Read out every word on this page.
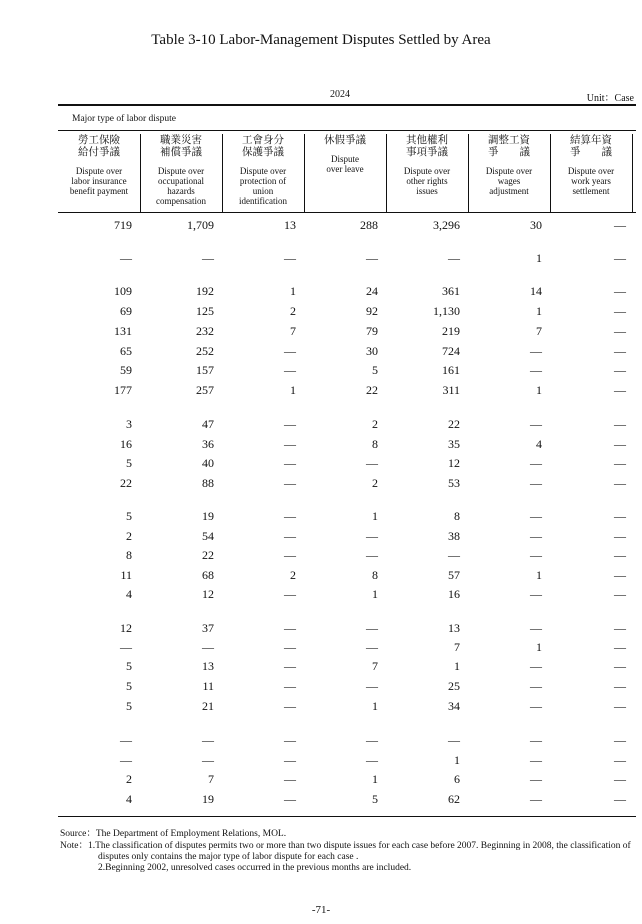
Table 3-10 Labor-Management Disputes Settled by Area
2024	Unit：Case
Major type of labor dispute
勞工保險
給付爭議
Dispute over
labor insurance
benefit payment
職業災害
補償爭議
Dispute over
occupational
hazards
compensation
工會身分
保護爭議
Dispute over
protection of
union
identification
休假爭議
Dispute
over leave
其他權利
事項爭議
Dispute over
other rights
issues
調整工資
爭　　議
Dispute over
wages
adjustment
結算年資
爭　　議
Dispute over
work years
settlement
719	1,709	13	288	3,296	30	—
—	—	—	—	—	1	—
109	192	1	24	361	14	—
69	125	2	92	1,130	1	—
131	232	7	79	219	7	—
65	252	—	30	724	—	—
59	157	—	5	161	—	—
177	257	1	22	311	1	—
3	47	—	2	22	—	—
16	36	—	8	35	4	—
5	40	—	—	12	—	—
22	88	—	2	53	—	—
5	19	—	1	8	—	—
2	54	—	—	38	—	—
8	22	—	—	—	—	—
11	68	2	8	57	1	—
4	12	—	1	16	—	—
12	37	—	—	13	—	—
—	—	—	—	7	1	—
5	13	—	7	1	—	—
5	11	—	—	25	—	—
5	21	—	1	34	—	—
—	—	—	—	—	—	—
—	—	—	—	1	—	—
2	7	—	1	6	—	—
4	19	—	5	62	—	—
Source：The Department of Employment Relations, MOL.
Note：1.The classification of disputes permits two or more than two dispute issues for each case before 2007. Beginning in 2008, the classification of disputes only contains the major type of labor dispute for each case .
2.Beginning 2002, unresolved cases occurred in the previous months are included.
-71-
